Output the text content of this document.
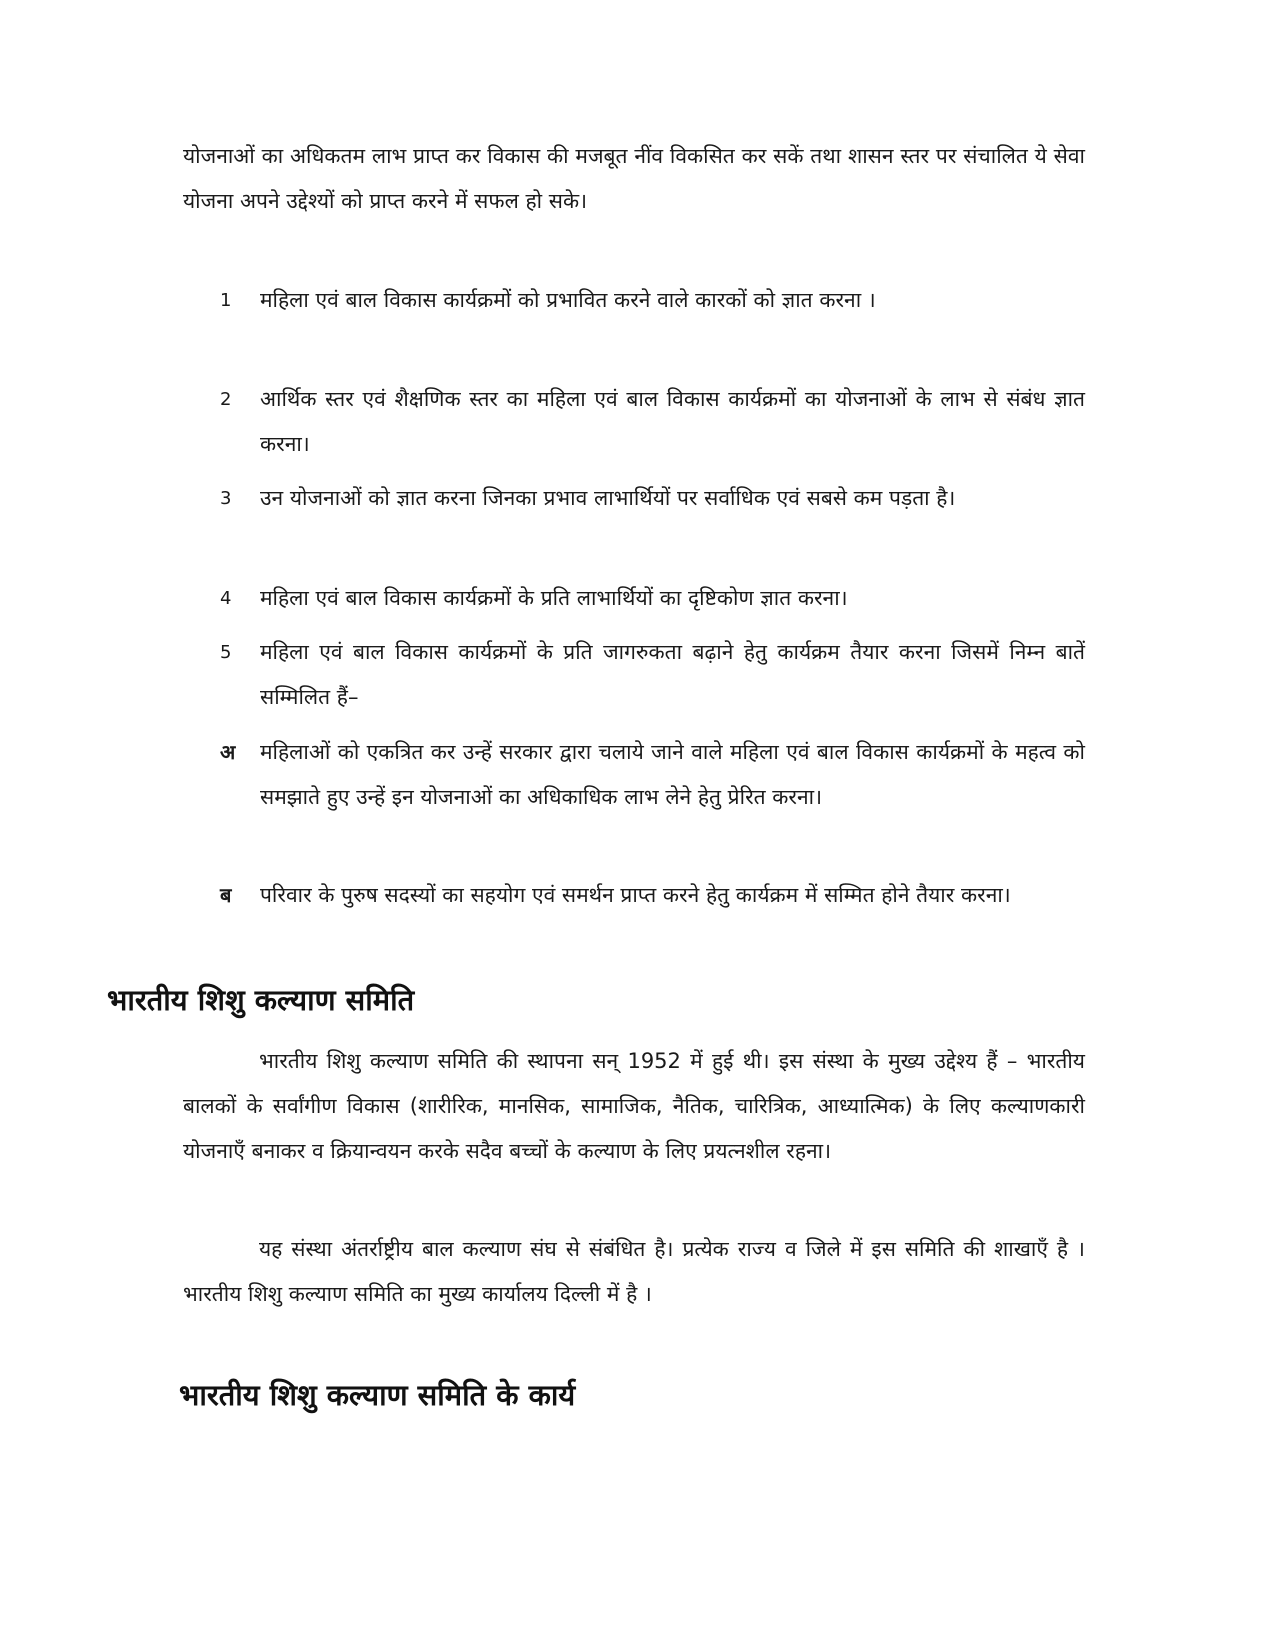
योजनाओं का अधिकतम लाभ प्राप्त कर विकास की मजबूत नींव विकसित कर सकें तथा शासन स्तर पर संचालित ये सेवा योजना अपने उद्देश्यों को प्राप्त करने में सफल हो सके।

1	महिला एवं बाल विकास कार्यक्रमों को प्रभावित करने वाले कारकों को ज्ञात करना ।

2	आर्थिक स्तर एवं शैक्षणिक स्तर का महिला एवं बाल विकास कार्यक्रमों का योजनाओं के लाभ से संबंध ज्ञात करना।

3	उन योजनाओं को ज्ञात करना जिनका प्रभाव लाभार्थियों पर सर्वाधिक एवं सबसे कम पड़ता है।

4	महिला एवं बाल विकास कार्यक्रमों के प्रति लाभार्थियों का दृष्टिकोण ज्ञात करना।

5	महिला एवं बाल विकास कार्यक्रमों के प्रति जागरुकता बढ़ाने हेतु कार्यक्रम तैयार करना जिसमें निम्न बातें सम्मिलित हैं–

अ	महिलाओं को एकत्रित कर उन्हें सरकार द्वारा चलाये जाने वाले महिला एवं बाल विकास कार्यक्रमों के महत्व को समझाते हुए उन्हें इन योजनाओं का अधिकाधिक लाभ लेने हेतु प्रेरित करना।

ब	परिवार के पुरुष सदस्यों का सहयोग एवं समर्थन प्राप्त करने हेतु कार्यक्रम में सम्मित होने तैयार करना।

भारतीय शिशु कल्याण समिति

भारतीय शिशु कल्याण समिति की स्थापना सन् 1952 में हुई थी। इस संस्था के मुख्य उद्देश्य हैं – भारतीय बालकों के सर्वांगीण विकास (शारीरिक, मानसिक, सामाजिक, नैतिक, चारित्रिक, आध्यात्मिक) के लिए कल्याणकारी योजनाएँ बनाकर व क्रियान्वयन करके सदैव बच्चों के कल्याण के लिए प्रयत्नशील रहना।

यह संस्था अंतर्राष्ट्रीय बाल कल्याण संघ से संबंधित है। प्रत्येक राज्य व जिले में इस समिति की शाखाएँ है । भारतीय शिशु कल्याण समिति का मुख्य कार्यालय दिल्ली में है ।

भारतीय शिशु कल्याण समिति के कार्य
